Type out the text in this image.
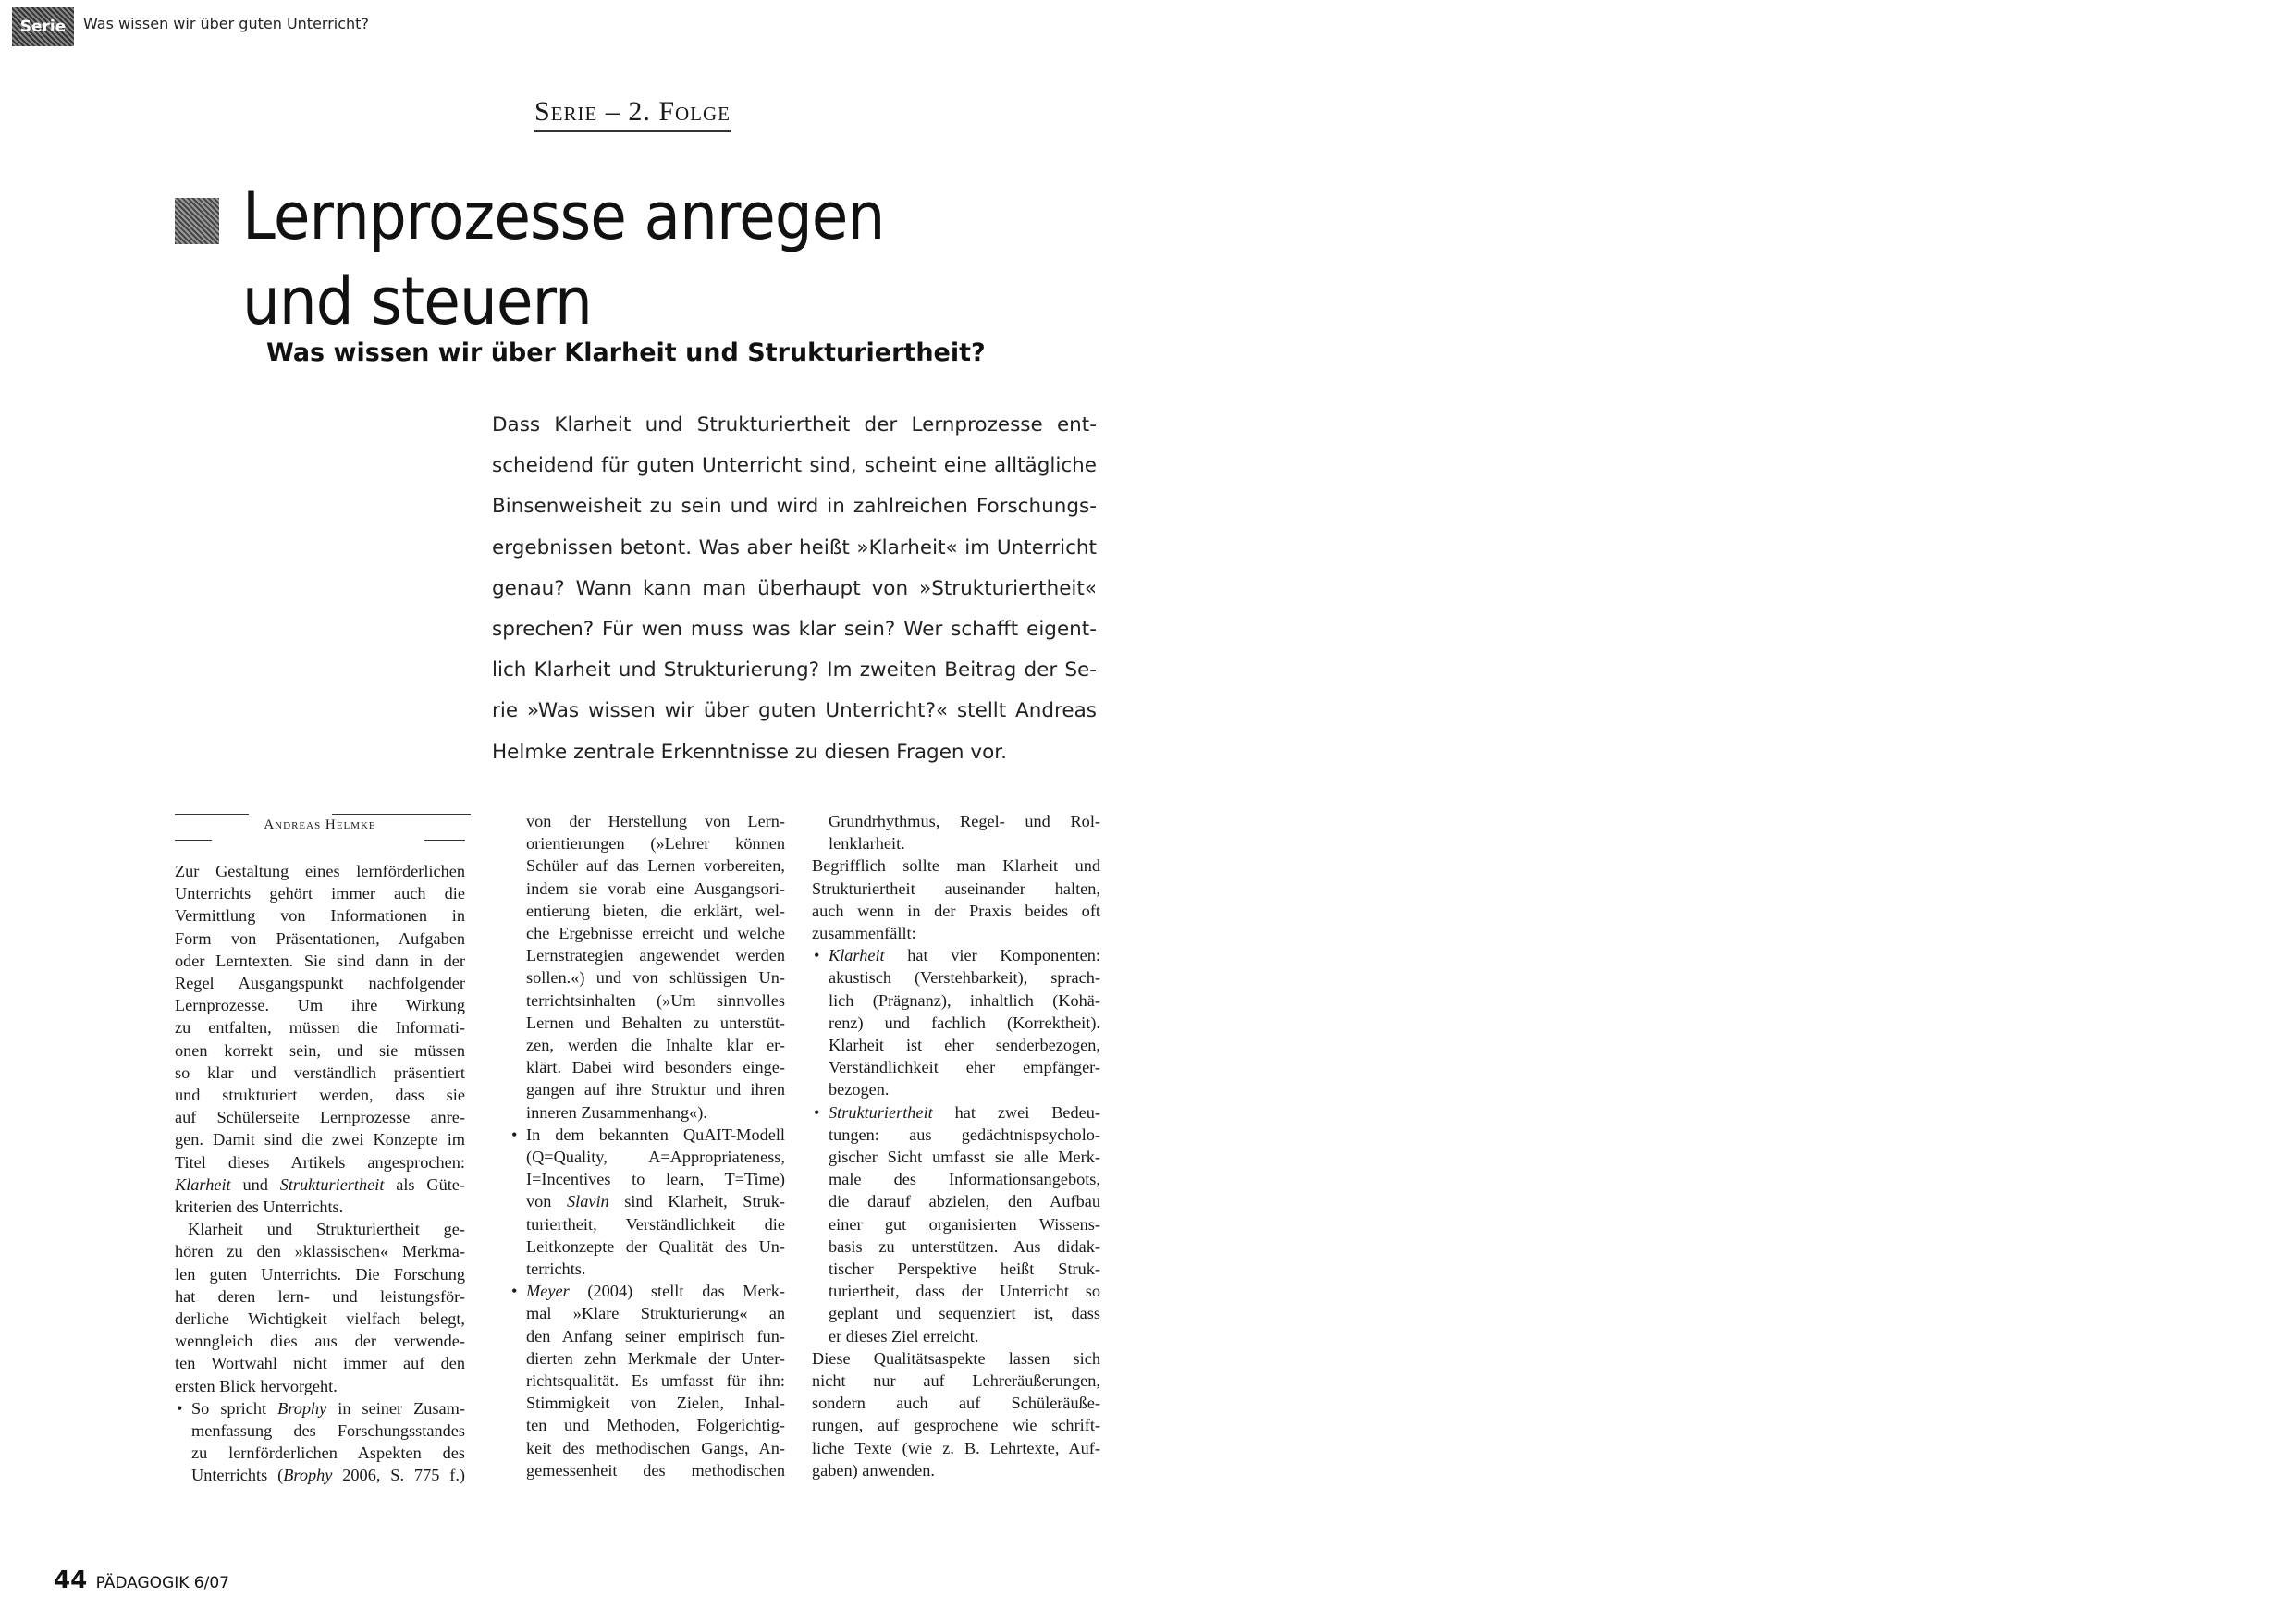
Serie Was wissen wir über guten Unterricht?
Serie – 2. Folge
Lernprozesse anregen
und steuern
Was wissen wir über Klarheit und Strukturiertheit?
Dass Klarheit und Strukturiertheit der Lernprozesse ent-
scheidend für guten Unterricht sind, scheint eine alltägliche
Binsenweisheit zu sein und wird in zahlreichen Forschungs-
ergebnissen betont. Was aber heißt »Klarheit« im Unterricht
genau? Wann kann man überhaupt von »Strukturiertheit«
sprechen? Für wen muss was klar sein? Wer schafft eigent-
lich Klarheit und Strukturierung? Im zweiten Beitrag der Se-
rie »Was wissen wir über guten Unterricht?« stellt Andreas
Helmke zentrale Erkenntnisse zu diesen Fragen vor.
Andreas Helmke
Zur Gestaltung eines lernförderlichen
Unterrichts gehört immer auch die
Vermittlung von Informationen in
Form von Präsentationen, Aufgaben
oder Lerntexten. Sie sind dann in der
Regel Ausgangspunkt nachfolgender
Lernprozesse. Um ihre Wirkung
zu entfalten, müssen die Informati-
onen korrekt sein, und sie müssen
so klar und verständlich präsentiert
und strukturiert werden, dass sie
auf Schülerseite Lernprozesse anre-
gen. Damit sind die zwei Konzepte im
Titel dieses Artikels angesprochen:
Klarheit und Strukturiertheit als Güte-
kriterien des Unterrichts.
Klarheit und Strukturiertheit ge-
hören zu den »klassischen« Merkma-
len guten Unterrichts. Die Forschung
hat deren lern- und leistungsför-
derliche Wichtigkeit vielfach belegt,
wenngleich dies aus der verwende-
ten Wortwahl nicht immer auf den
ersten Blick hervorgeht.
• So spricht Brophy in seiner Zusam-
menfassung des Forschungsstandes
zu lernförderlichen Aspekten des
Unterrichts (Brophy 2006, S. 775 f.)
von der Herstellung von Lern-
orientierungen (»Lehrer können
Schüler auf das Lernen vorbereiten,
indem sie vorab eine Ausgangsori-
entierung bieten, die erklärt, wel-
che Ergebnisse erreicht und welche
Lernstrategien angewendet werden
sollen.«) und von schlüssigen Un-
terrichtsinhalten (»Um sinnvolles
Lernen und Behalten zu unterstüt-
zen, werden die Inhalte klar er-
klärt. Dabei wird besonders einge-
gangen auf ihre Struktur und ihren
inneren Zusammenhang«).
• In dem bekannten QuAIT-Modell
(Q=Quality, A=Appropriateness,
I=Incentives to learn, T=Time)
von Slavin sind Klarheit, Struk-
turiertheit, Verständlichkeit die
Leitkonzepte der Qualität des Un-
terrichts.
• Meyer (2004) stellt das Merk-
mal »Klare Strukturierung« an
den Anfang seiner empirisch fun-
dierten zehn Merkmale der Unter-
richtsqualität. Es umfasst für ihn:
Stimmigkeit von Zielen, Inhal-
ten und Methoden, Folgerichtig-
keit des methodischen Gangs, An-
gemessenheit des methodischen
Grundrhythmus, Regel- und Rol-
lenklarheit.
Begrifflich sollte man Klarheit und
Strukturiertheit auseinander halten,
auch wenn in der Praxis beides oft
zusammenfällt:
• Klarheit hat vier Komponenten:
akustisch (Verstehbarkeit), sprach-
lich (Prägnanz), inhaltlich (Kohä-
renz) und fachlich (Korrektheit).
Klarheit ist eher senderbezogen,
Verständlichkeit eher empfänger-
bezogen.
• Strukturiertheit hat zwei Bedeu-
tungen: aus gedächtnispsycholo-
gischer Sicht umfasst sie alle Merk-
male des Informationsangebots,
die darauf abzielen, den Aufbau
einer gut organisierten Wissens-
basis zu unterstützen. Aus didak-
tischer Perspektive heißt Struk-
turiertheit, dass der Unterricht so
geplant und sequenziert ist, dass
er dieses Ziel erreicht.
Diese Qualitätsaspekte lassen sich
nicht nur auf Lehreräußerungen,
sondern auch auf Schüleräuße-
rungen, auf gesprochene wie schrift-
liche Texte (wie z. B. Lehrtexte, Auf-
gaben) anwenden.
44 PÄDAGOGIK 6/07
